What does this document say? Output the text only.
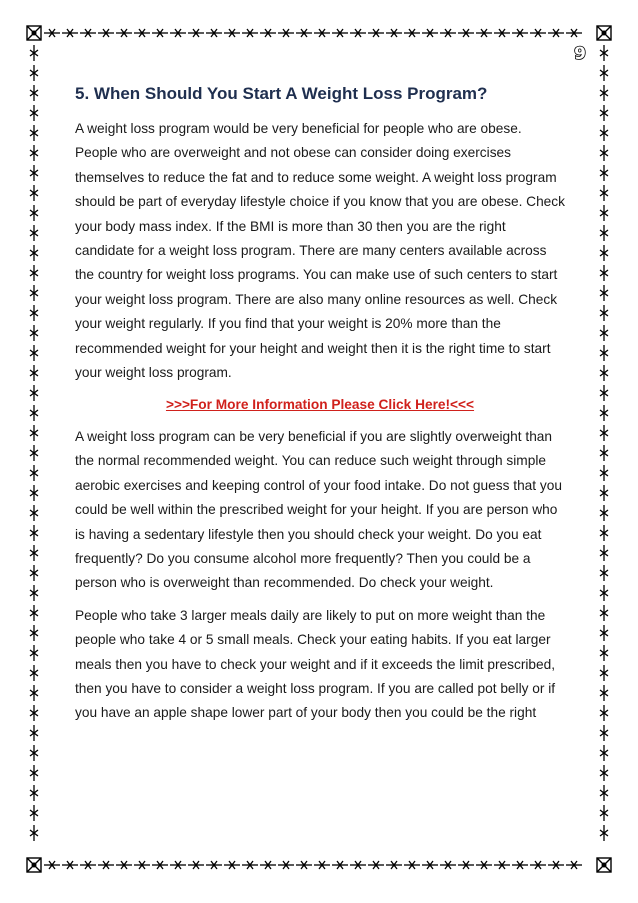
9
5. When Should You Start A Weight Loss Program?

A weight loss program would be very beneficial for people who are obese. People who are overweight and not obese can consider doing exercises themselves to reduce the fat and to reduce some weight. A weight loss program should be part of everyday lifestyle choice if you know that you are obese. Check your body mass index. If the BMI is more than 30 then you are the right candidate for a weight loss program. There are many centers available across the country for weight loss programs. You can make use of such centers to start your weight loss program. There are also many online resources as well. Check your weight regularly. If you find that your weight is 20% more than the recommended weight for your height and weight then it is the right time to start your weight loss program.

>>>For More Information Please Click Here!<<<

A weight loss program can be very beneficial if you are slightly overweight than the normal recommended weight. You can reduce such weight through simple aerobic exercises and keeping control of your food intake. Do not guess that you could be well within the prescribed weight for your height. If you are person who is having a sedentary lifestyle then you should check your weight. Do you eat frequently? Do you consume alcohol more frequently? Then you could be a person who is overweight than recommended. Do check your weight.

People who take 3 larger meals daily are likely to put on more weight than the people who take 4 or 5 small meals. Check your eating habits. If you eat larger meals then you have to check your weight and if it exceeds the limit prescribed, then you have to consider a weight loss program. If you are called pot belly or if you have an apple shape lower part of your body then you could be the right
